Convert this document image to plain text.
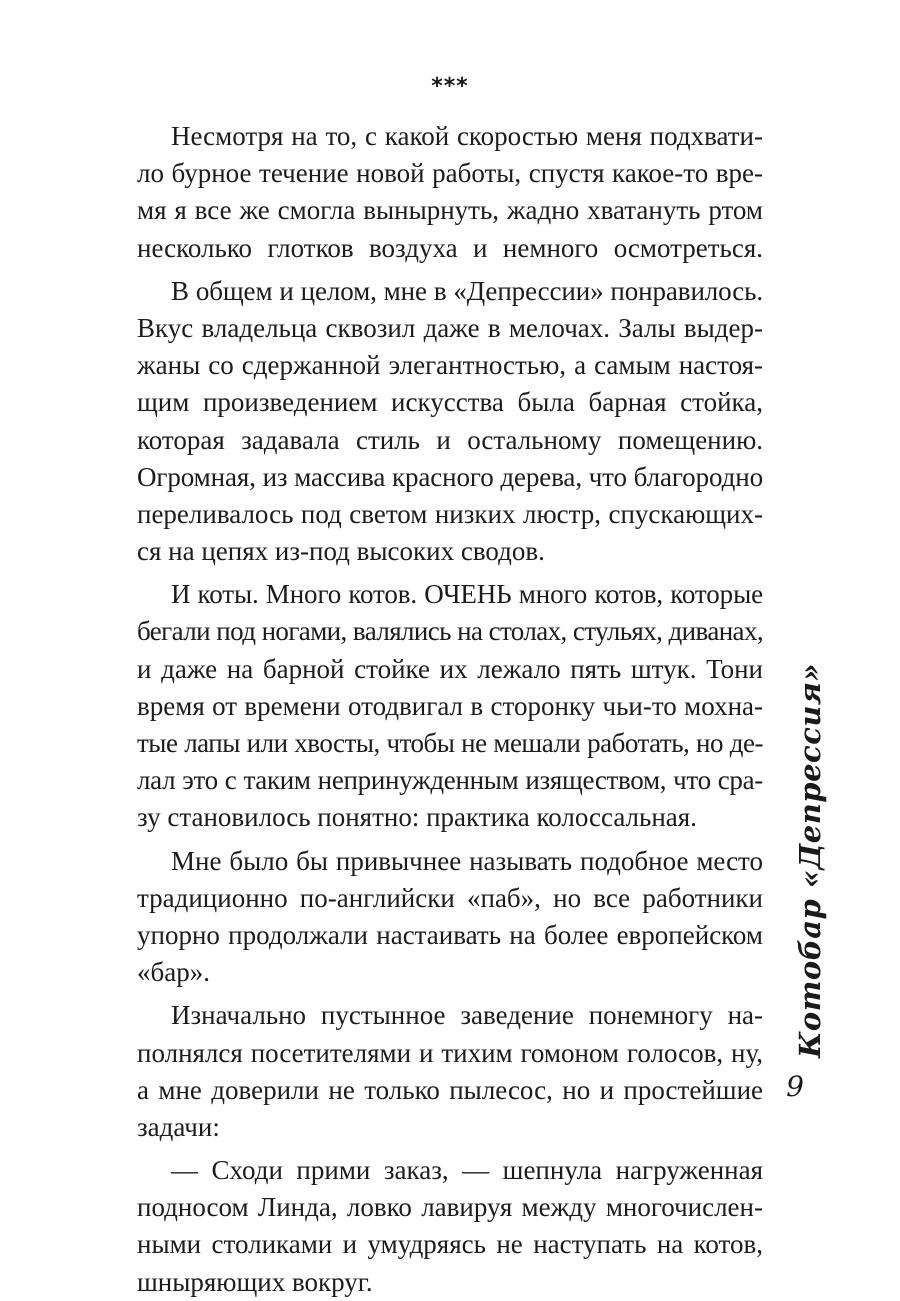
***
Несмотря на то, с какой скоростью меня подхвати-
ло бурное течение новой работы, спустя какое-то вре-
мя я все же смогла вынырнуть, жадно хватануть ртом
несколько глотков воздуха и немного осмотреться.
В общем и целом, мне в «Депрессии» понравилось.
Вкус владельца сквозил даже в мелочах. Залы выдер-
жаны со сдержанной элегантностью, а самым настоя-
щим произведением искусства была барная стойка,
которая задавала стиль и остальному помещению.
Огромная, из массива красного дерева, что благородно
переливалось под светом низких люстр, спускающих-
ся на цепях из-под высоких сводов.
И коты. Много котов. ОЧЕНЬ много котов, которые
бегали под ногами, валялись на столах, стульях, диванах,
и даже на барной стойке их лежало пять штук. Тони
время от времени отодвигал в сторонку чьи-то мохна-
тые лапы или хвосты, чтобы не мешали работать, но де-
лал это с таким непринужденным изяществом, что сра-
зу становилось понятно: практика колоссальная.
Мне было бы привычнее называть подобное место
традиционно по-английски «паб», но все работники
упорно продолжали настаивать на более европейском
«бар».
Изначально пустынное заведение понемногу на-
полнялся посетителями и тихим гомоном голосов, ну,
а мне доверили не только пылесос, но и простейшие
задачи:
— Сходи прими заказ, — шепнула нагруженная
подносом Линда, ловко лавируя между многочислен-
ными столиками и умудряясь не наступать на котов,
шныряющих вокруг.
Котобар «Депрессия»
9
